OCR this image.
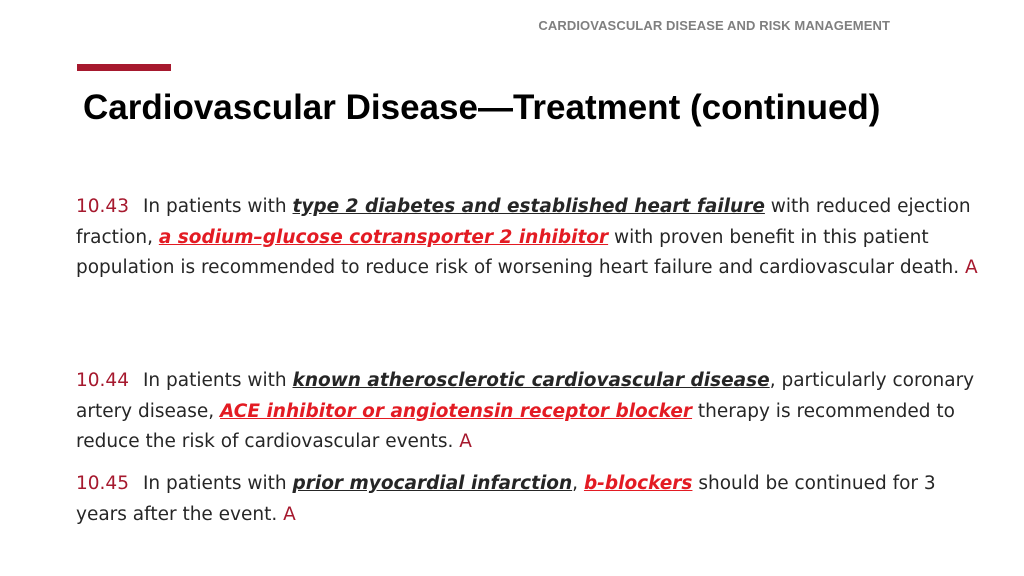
CARDIOVASCULAR DISEASE AND RISK MANAGEMENT
Cardiovascular Disease—Treatment (continued)

10.43 In patients with type 2 diabetes and established heart failure with reduced ejection fraction, a sodium–glucose cotransporter 2 inhibitor with proven benefit in this patient population is recommended to reduce risk of worsening heart failure and cardiovascular death. A

10.44 In patients with known atherosclerotic cardiovascular disease, particularly coronary artery disease, ACE inhibitor or angiotensin receptor blocker therapy is recommended to reduce the risk of cardiovascular events. A

10.45 In patients with prior myocardial infarction, b-blockers should be continued for 3 years after the event. A
